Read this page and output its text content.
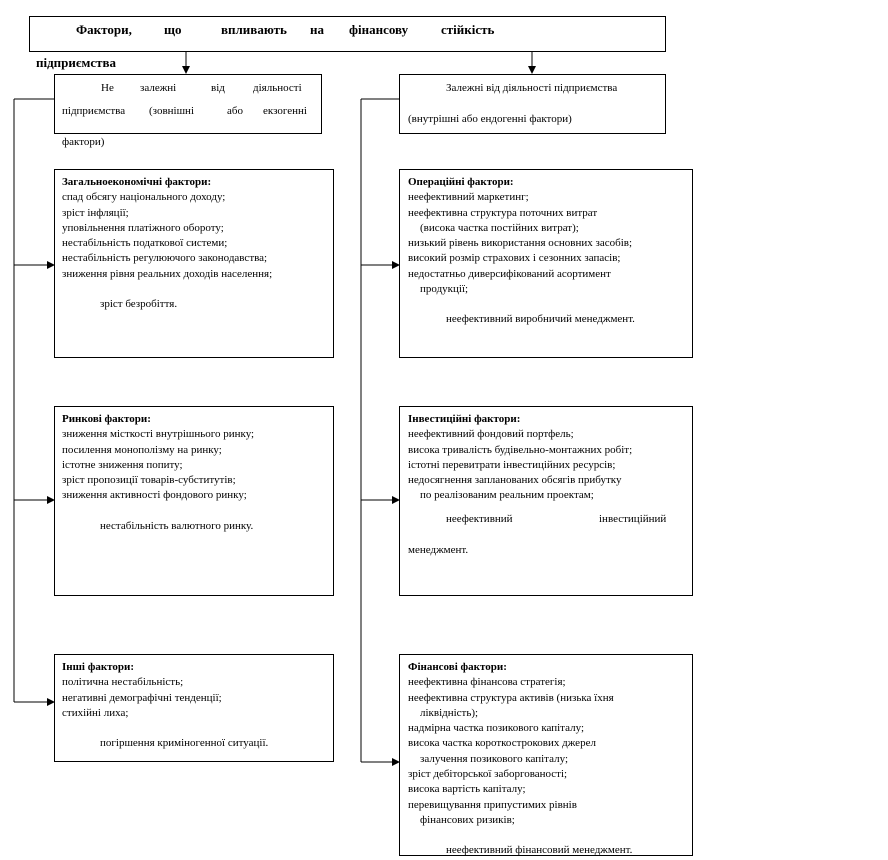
Фактори, що	впливають на фінансову	стійкість
підприємства
Не залежні	від	діяльності
підприємства (зовнішні	або екзогенні
фактори)
Залежні від діяльності підприємства
(внутрішні або ендогенні фактори)
Загальноекономічні фактори:
спад обсягу національного доходу;
зріст інфляції;
уповільнення платіжного обороту;
нестабільність податкової системи;
нестабільність регулюючого законодавства;
зниження рівня реальних доходів населення;
зріст безробіття.
Ринкові фактори:
зниження місткості внутрішнього ринку;
посилення монополізму на ринку;
істотне зниження попиту;
зріст пропозиції товарів-субститутів;
зниження активності фондового ринку;
нестабільність валютного ринку.
Інші фактори:
політична нестабільність;
негативні демографічні тенденції;
стихійні лиха;
погіршення криміногенної ситуації.
Операційні фактори:
неефективний маркетинг;
неефективна структура поточних витрат
(висока частка постійних витрат);
низький рівень використання основних засобів;
високий розмір страхових і сезонних запасів;
недостатньо диверсифікований асортимент
продукції;
неефективний виробничий менеджмент.
Інвестиційні фактори:
неефективний фондовий портфель;
висока тривалість будівельно-монтажних робіт;
істотні перевитрати інвестиційних ресурсів;
недосягнення запланованих обсягів прибутку
по реалізованим реальним проектам;
неефективний	інвестиційний
менеджмент.
Фінансові фактори:
неефективна фінансова стратегія;
неефективна структура активів (низька їхня
ліквідність);
надмірна частка позикового капіталу;
висока частка короткострокових джерел
залучення позикового капіталу;
зріст дебіторської заборгованості;
висока вартість капіталу;
перевищування припустимих рівнів
фінансових ризиків;
неефективний фінансовий менеджмент.
